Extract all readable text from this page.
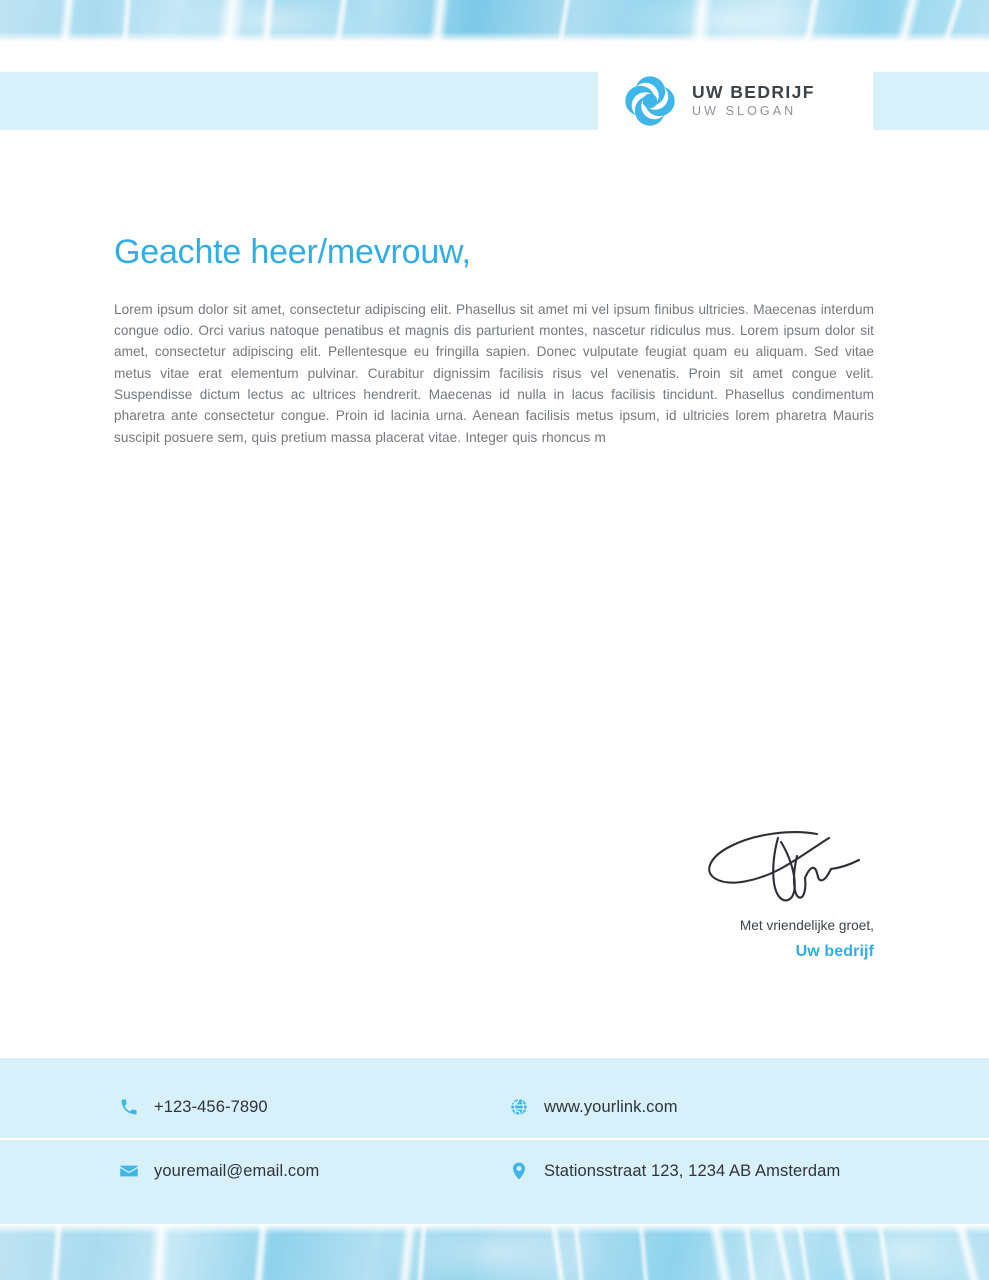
UW BEDRIJF
UW SLOGAN
Geachte heer/mevrouw,

Lorem ipsum dolor sit amet, consectetur adipiscing elit. Phasellus sit amet mi vel ipsum finibus ultricies. Maecenas interdum congue odio. Orci varius natoque penatibus et magnis dis parturient montes, nascetur ridiculus mus. Lorem ipsum dolor sit amet, consectetur adipiscing elit. Pellentesque eu fringilla sapien. Donec vulputate feugiat quam eu aliquam. Sed vitae metus vitae erat elementum pulvinar. Curabitur dignissim facilisis risus vel venenatis. Proin sit amet congue velit. Suspendisse dictum lectus ac ultrices hendrerit. Maecenas id nulla in lacus facilisis tincidunt. Phasellus condimentum pharetra ante consectetur congue. Proin id lacinia urna. Aenean facilisis metus ipsum, id ultricies lorem pharetra Mauris suscipit posuere sem, quis pretium massa placerat vitae. Integer quis rhoncus m

Met vriendelijke groet,
Uw bedrijf
+123-456-7890	www.yourlink.com
youremail@email.com	Stationsstraat 123, 1234 AB Amsterdam
